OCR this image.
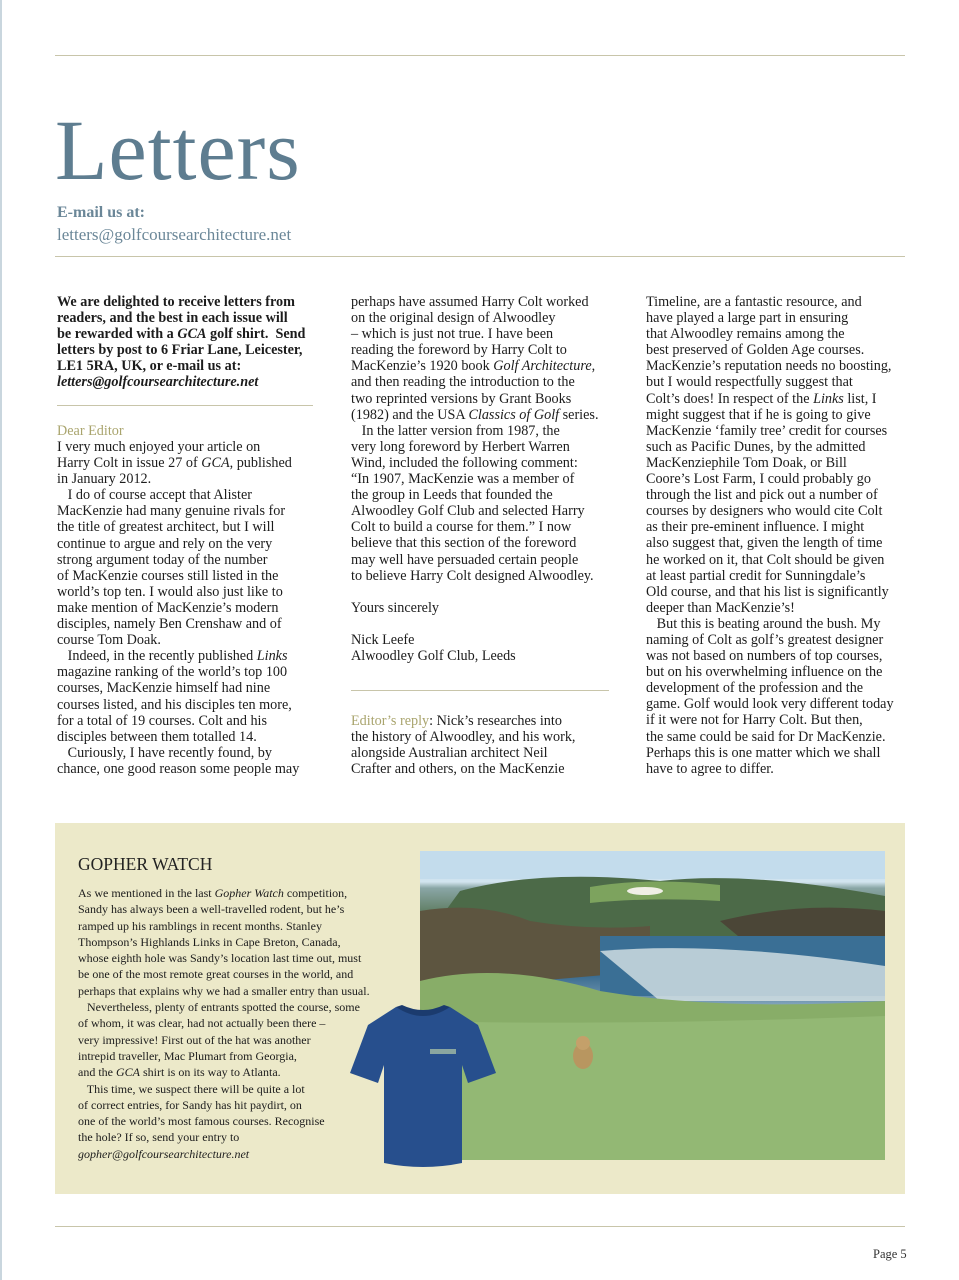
Letters
E-mail us at:
letters@golfcoursearchitecture.net
We are delighted to receive letters from
readers, and the best in each issue will
be rewarded with a GCA golf shirt.  Send
letters by post to 6 Friar Lane, Leicester,
LE1 5RA, UK, or e-mail us at:
letters@golfcoursearchitecture.net
Dear Editor
I very much enjoyed your article on
Harry Colt in issue 27 of GCA, published
in January 2012.
I do of course accept that Alister
MacKenzie had many genuine rivals for
the title of greatest architect, but I will
continue to argue and rely on the very
strong argument today of the number
of MacKenzie courses still listed in the
world’s top ten. I would also just like to
make mention of MacKenzie’s modern
disciples, namely Ben Crenshaw and of
course Tom Doak.
Indeed, in the recently published Links
magazine ranking of the world’s top 100
courses, MacKenzie himself had nine
courses listed, and his disciples ten more,
for a total of 19 courses. Colt and his
disciples between them totalled 14.
Curiously, I have recently found, by
chance, one good reason some people may
perhaps have assumed Harry Colt worked
on the original design of Alwoodley
– which is just not true. I have been
reading the foreword by Harry Colt to
MacKenzie’s 1920 book Golf Architecture,
and then reading the introduction to the
two reprinted versions by Grant Books
(1982) and the USA Classics of Golf series.
In the latter version from 1987, the
very long foreword by Herbert Warren
Wind, included the following comment:
“In 1907, MacKenzie was a member of
the group in Leeds that founded the
Alwoodley Golf Club and selected Harry
Colt to build a course for them.” I now
believe that this section of the foreword
may well have persuaded certain people
to believe Harry Colt designed Alwoodley.

Yours sincerely

Nick Leefe
Alwoodley Golf Club, Leeds
Editor’s reply: Nick’s researches into
the history of Alwoodley, and his work,
alongside Australian architect Neil
Crafter and others, on the MacKenzie
Timeline, are a fantastic resource, and
have played a large part in ensuring
that Alwoodley remains among the
best preserved of Golden Age courses.
MacKenzie’s reputation needs no boosting,
but I would respectfully suggest that
Colt’s does! In respect of the Links list, I
might suggest that if he is going to give
MacKenzie ‘family tree’ credit for courses
such as Pacific Dunes, by the admitted
MacKenziephile Tom Doak, or Bill
Coore’s Lost Farm, I could probably go
through the list and pick out a number of
courses by designers who would cite Colt
as their pre-eminent influence. I might
also suggest that, given the length of time
he worked on it, that Colt should be given
at least partial credit for Sunningdale’s
Old course, and that his list is significantly
deeper than MacKenzie’s!
But this is beating around the bush. My
naming of Colt as golf’s greatest designer
was not based on numbers of top courses,
but on his overwhelming influence on the
development of the profession and the
game. Golf would look very different today
if it were not for Harry Colt. But then,
the same could be said for Dr MacKenzie.
Perhaps this is one matter which we shall
have to agree to differ.
GOPHER WATCH
As we mentioned in the last Gopher Watch competition,
Sandy has always been a well-travelled rodent, but he’s
ramped up his ramblings in recent months. Stanley
Thompson’s Highlands Links in Cape Breton, Canada,
whose eighth hole was Sandy’s location last time out, must
be one of the most remote great courses in the world, and
perhaps that explains why we had a smaller entry than usual.
Nevertheless, plenty of entrants spotted the course, some
of whom, it was clear, had not actually been there –
very impressive! First out of the hat was another
intrepid traveller, Mac Plumart from Georgia,
and the GCA shirt is on its way to Atlanta.
This time, we suspect there will be quite a lot
of correct entries, for Sandy has hit paydirt, on
one of the world’s most famous courses. Recognise
the hole? If so, send your entry to
gopher@golfcoursearchitecture.net
Page 5
